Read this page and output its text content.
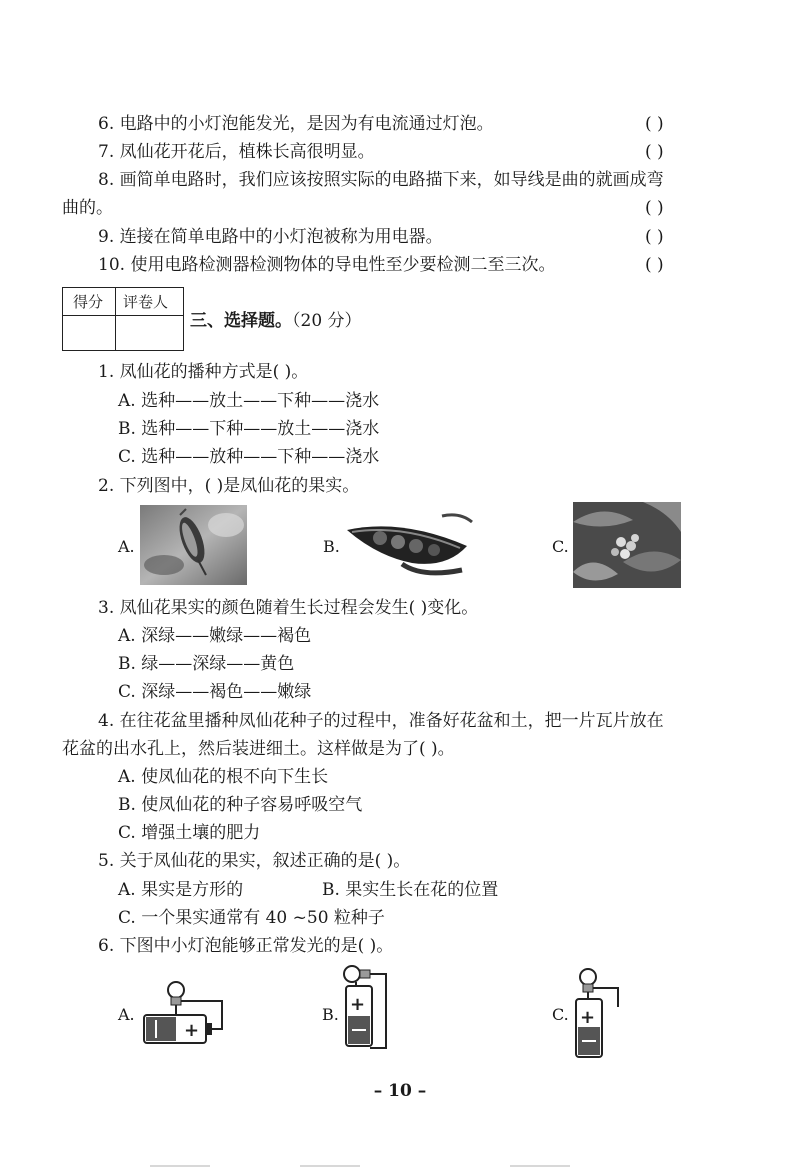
6. 电路中的小灯泡能发光，是因为有电流通过灯泡。	( )
7. 凤仙花开花后，植株长高很明显。	( )
8. 画简单电路时，我们应该按照实际的电路描下来，如导线是曲的就画成弯
曲的。	( )
9. 连接在简单电路中的小灯泡被称为用电器。	( )
10. 使用电路检测器检测物体的导电性至少要检测二至三次。	( )
得分 评卷人
三、选择题。（20 分）
1. 凤仙花的播种方式是( )。
A. 选种——放土——下种——浇水
B. 选种——下种——放土——浇水
C. 选种——放种——下种——浇水
2. 下列图中，( )是凤仙花的果实。
A.	B.	C.
3. 凤仙花果实的颜色随着生长过程会发生( )变化。
A. 深绿——嫩绿——褐色
B. 绿——深绿——黄色
C. 深绿——褐色——嫩绿
4. 在往花盆里播种凤仙花种子的过程中，准备好花盆和土，把一片瓦片放在
花盆的出水孔上，然后装进细土。这样做是为了( )。
A. 使凤仙花的根不向下生长
B. 使凤仙花的种子容易呼吸空气
C. 增强土壤的肥力
5. 关于凤仙花的果实，叙述正确的是( )。
A. 果实是方形的	B. 果实生长在花的位置
C. 一个果实通常有 40 ~50 粒种子
6. 下图中小灯泡能够正常发光的是( )。
A.
+
B. +	C. +
– 10 –
